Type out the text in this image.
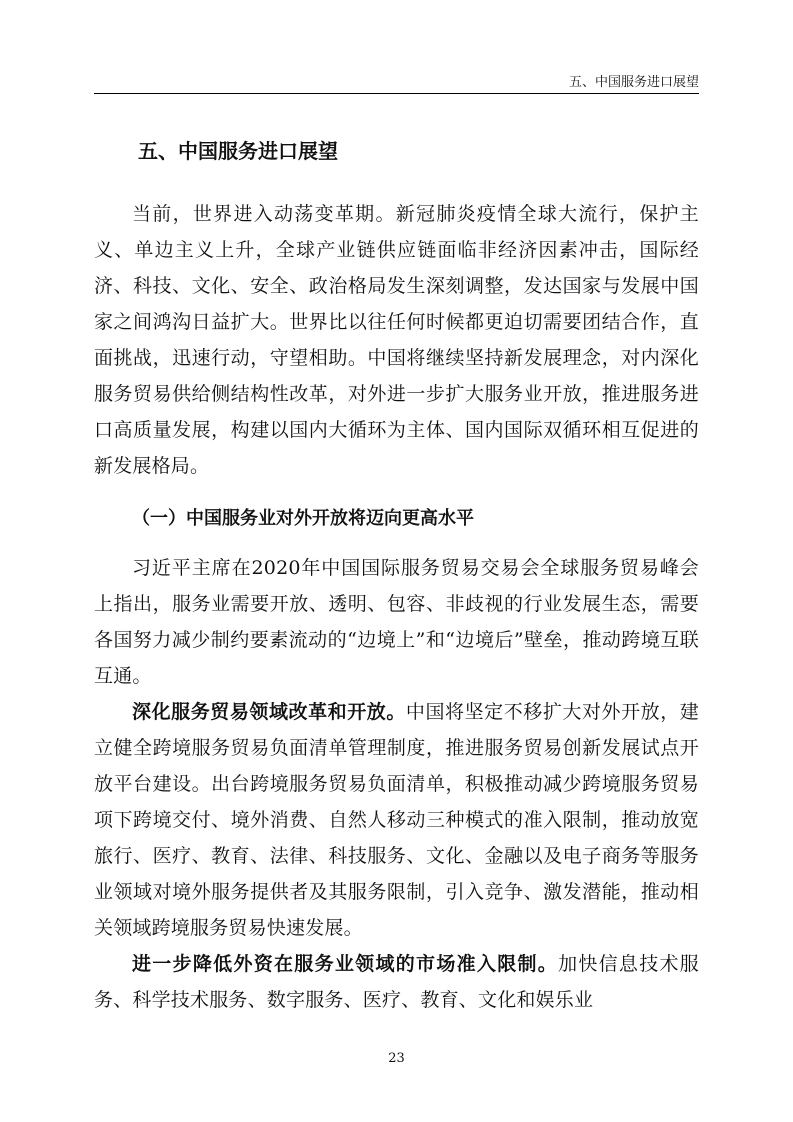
五、中国服务进口展望
五、中国服务进口展望

当前，世界进入动荡变革期。新冠肺炎疫情全球大流行，保护主义、单边主义上升，全球产业链供应链面临非经济因素冲击，国际经济、科技、文化、安全、政治格局发生深刻调整，发达国家与发展中国家之间鸿沟日益扩大。世界比以往任何时候都更迫切需要团结合作，直面挑战，迅速行动，守望相助。中国将继续坚持新发展理念，对内深化服务贸易供给侧结构性改革，对外进一步扩大服务业开放，推进服务进口高质量发展，构建以国内大循环为主体、国内国际双循环相互促进的新发展格局。

（一）中国服务业对外开放将迈向更高水平

习近平主席在2020年中国国际服务贸易交易会全球服务贸易峰会上指出，服务业需要开放、透明、包容、非歧视的行业发展生态，需要各国努力减少制约要素流动的“边境上”和“边境后”壁垒，推动跨境互联互通。

深化服务贸易领域改革和开放。中国将坚定不移扩大对外开放，建立健全跨境服务贸易负面清单管理制度，推进服务贸易创新发展试点开放平台建设。出台跨境服务贸易负面清单，积极推动减少跨境服务贸易项下跨境交付、境外消费、自然人移动三种模式的准入限制，推动放宽旅行、医疗、教育、法律、科技服务、文化、金融以及电子商务等服务业领域对境外服务提供者及其服务限制，引入竞争、激发潜能，推动相关领域跨境服务贸易快速发展。

进一步降低外资在服务业领域的市场准入限制。加快信息技术服务、科学技术服务、数字服务、医疗、教育、文化和娱乐业

23
